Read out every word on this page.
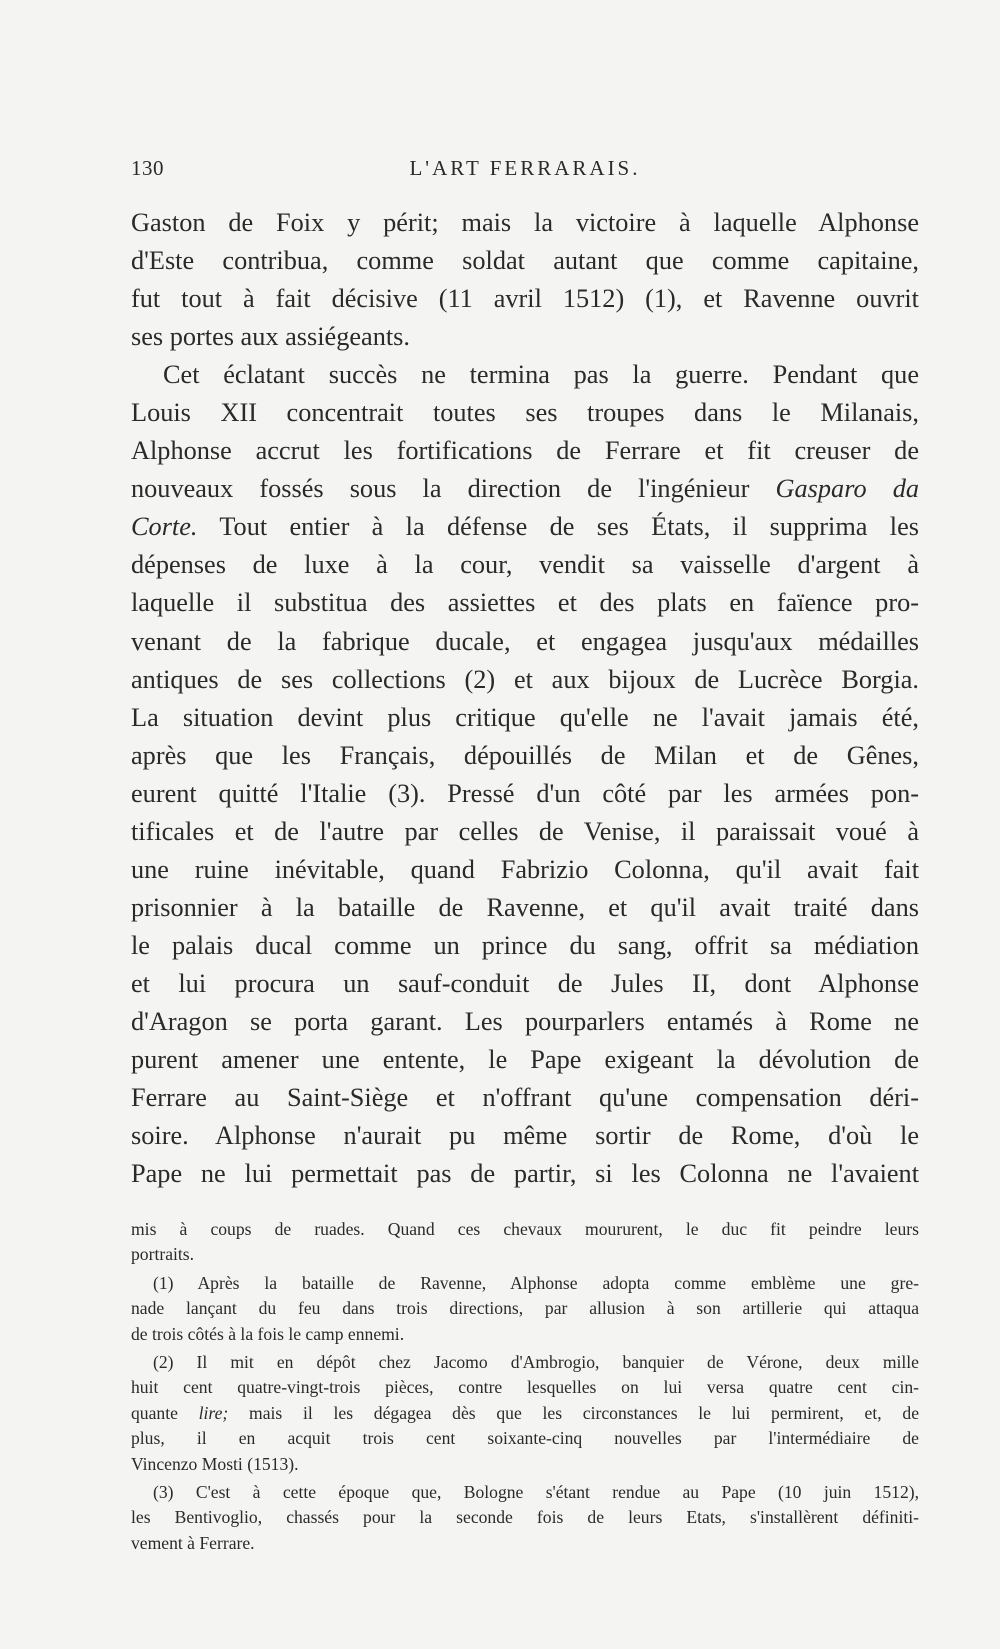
130	L'ART FERRARAIS.
Gaston de Foix y périt; mais la victoire à laquelle Alphonse
d'Este contribua, comme soldat autant que comme capitaine,
fut tout à fait décisive (11 avril 1512) (1), et Ravenne ouvrit
ses portes aux assiégeants.
Cet éclatant succès ne termina pas la guerre. Pendant que
Louis XII concentrait toutes ses troupes dans le Milanais,
Alphonse accrut les fortifications de Ferrare et fit creuser de
nouveaux fossés sous la direction de l'ingénieur Gasparo da
Corte. Tout entier à la défense de ses États, il supprima les
dépenses de luxe à la cour, vendit sa vaisselle d'argent à
laquelle il substitua des assiettes et des plats en faïence pro-
venant de la fabrique ducale, et engagea jusqu'aux médailles
antiques de ses collections (2) et aux bijoux de Lucrèce Borgia.
La situation devint plus critique qu'elle ne l'avait jamais été,
après que les Français, dépouillés de Milan et de Gênes,
eurent quitté l'Italie (3). Pressé d'un côté par les armées pon-
tificales et de l'autre par celles de Venise, il paraissait voué à
une ruine inévitable, quand Fabrizio Colonna, qu'il avait fait
prisonnier à la bataille de Ravenne, et qu'il avait traité dans
le palais ducal comme un prince du sang, offrit sa médiation
et lui procura un sauf-conduit de Jules II, dont Alphonse
d'Aragon se porta garant. Les pourparlers entamés à Rome ne
purent amener une entente, le Pape exigeant la dévolution de
Ferrare au Saint-Siège et n'offrant qu'une compensation déri-
soire. Alphonse n'aurait pu même sortir de Rome, d'où le
Pape ne lui permettait pas de partir, si les Colonna ne l'avaient
mis à coups de ruades. Quand ces chevaux moururent, le duc fit peindre leurs
portraits.
(1) Après la bataille de Ravenne, Alphonse adopta comme emblème une gre-
nade lançant du feu dans trois directions, par allusion à son artillerie qui attaqua
de trois côtés à la fois le camp ennemi.
(2) Il mit en dépôt chez Jacomo d'Ambrogio, banquier de Vérone, deux mille
huit cent quatre-vingt-trois pièces, contre lesquelles on lui versa quatre cent cin-
quante lire; mais il les dégagea dès que les circonstances le lui permirent, et, de
plus, il en acquit trois cent soixante-cinq nouvelles par l'intermédiaire de
Vincenzo Mosti (1513).
(3) C'est à cette époque que, Bologne s'étant rendue au Pape (10 juin 1512),
les Bentivoglio, chassés pour la seconde fois de leurs Etats, s'installèrent définiti-
vement à Ferrare.
